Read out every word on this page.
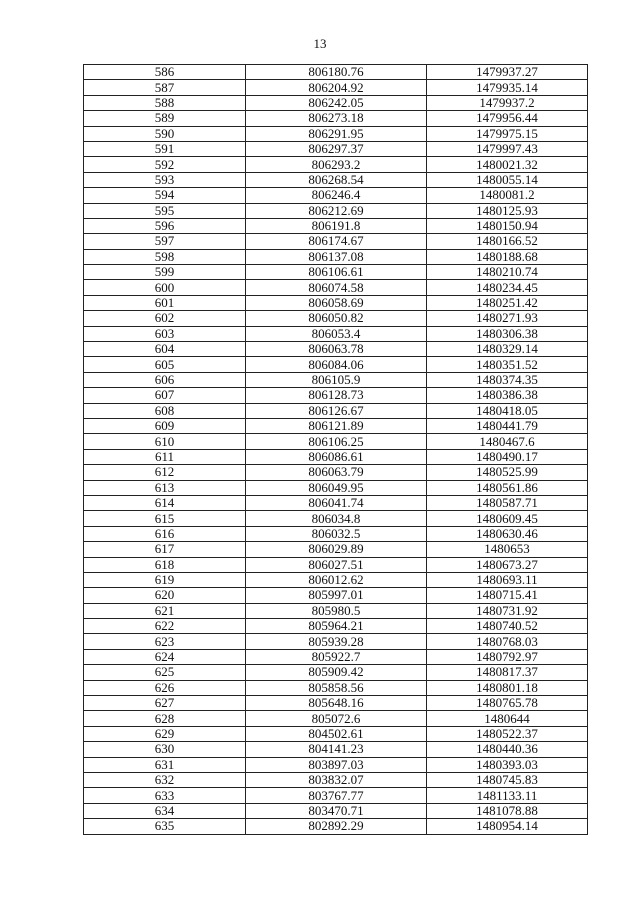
13
586	806180.76	1479937.27
587	806204.92	1479935.14
588	806242.05	1479937.2
589	806273.18	1479956.44
590	806291.95	1479975.15
591	806297.37	1479997.43
592	806293.2	1480021.32
593	806268.54	1480055.14
594	806246.4	1480081.2
595	806212.69	1480125.93
596	806191.8	1480150.94
597	806174.67	1480166.52
598	806137.08	1480188.68
599	806106.61	1480210.74
600	806074.58	1480234.45
601	806058.69	1480251.42
602	806050.82	1480271.93
603	806053.4	1480306.38
604	806063.78	1480329.14
605	806084.06	1480351.52
606	806105.9	1480374.35
607	806128.73	1480386.38
608	806126.67	1480418.05
609	806121.89	1480441.79
610	806106.25	1480467.6
611	806086.61	1480490.17
612	806063.79	1480525.99
613	806049.95	1480561.86
614	806041.74	1480587.71
615	806034.8	1480609.45
616	806032.5	1480630.46
617	806029.89	1480653
618	806027.51	1480673.27
619	806012.62	1480693.11
620	805997.01	1480715.41
621	805980.5	1480731.92
622	805964.21	1480740.52
623	805939.28	1480768.03
624	805922.7	1480792.97
625	805909.42	1480817.37
626	805858.56	1480801.18
627	805648.16	1480765.78
628	805072.6	1480644
629	804502.61	1480522.37
630	804141.23	1480440.36
631	803897.03	1480393.03
632	803832.07	1480745.83
633	803767.77	1481133.11
634	803470.71	1481078.88
635	802892.29	1480954.14
